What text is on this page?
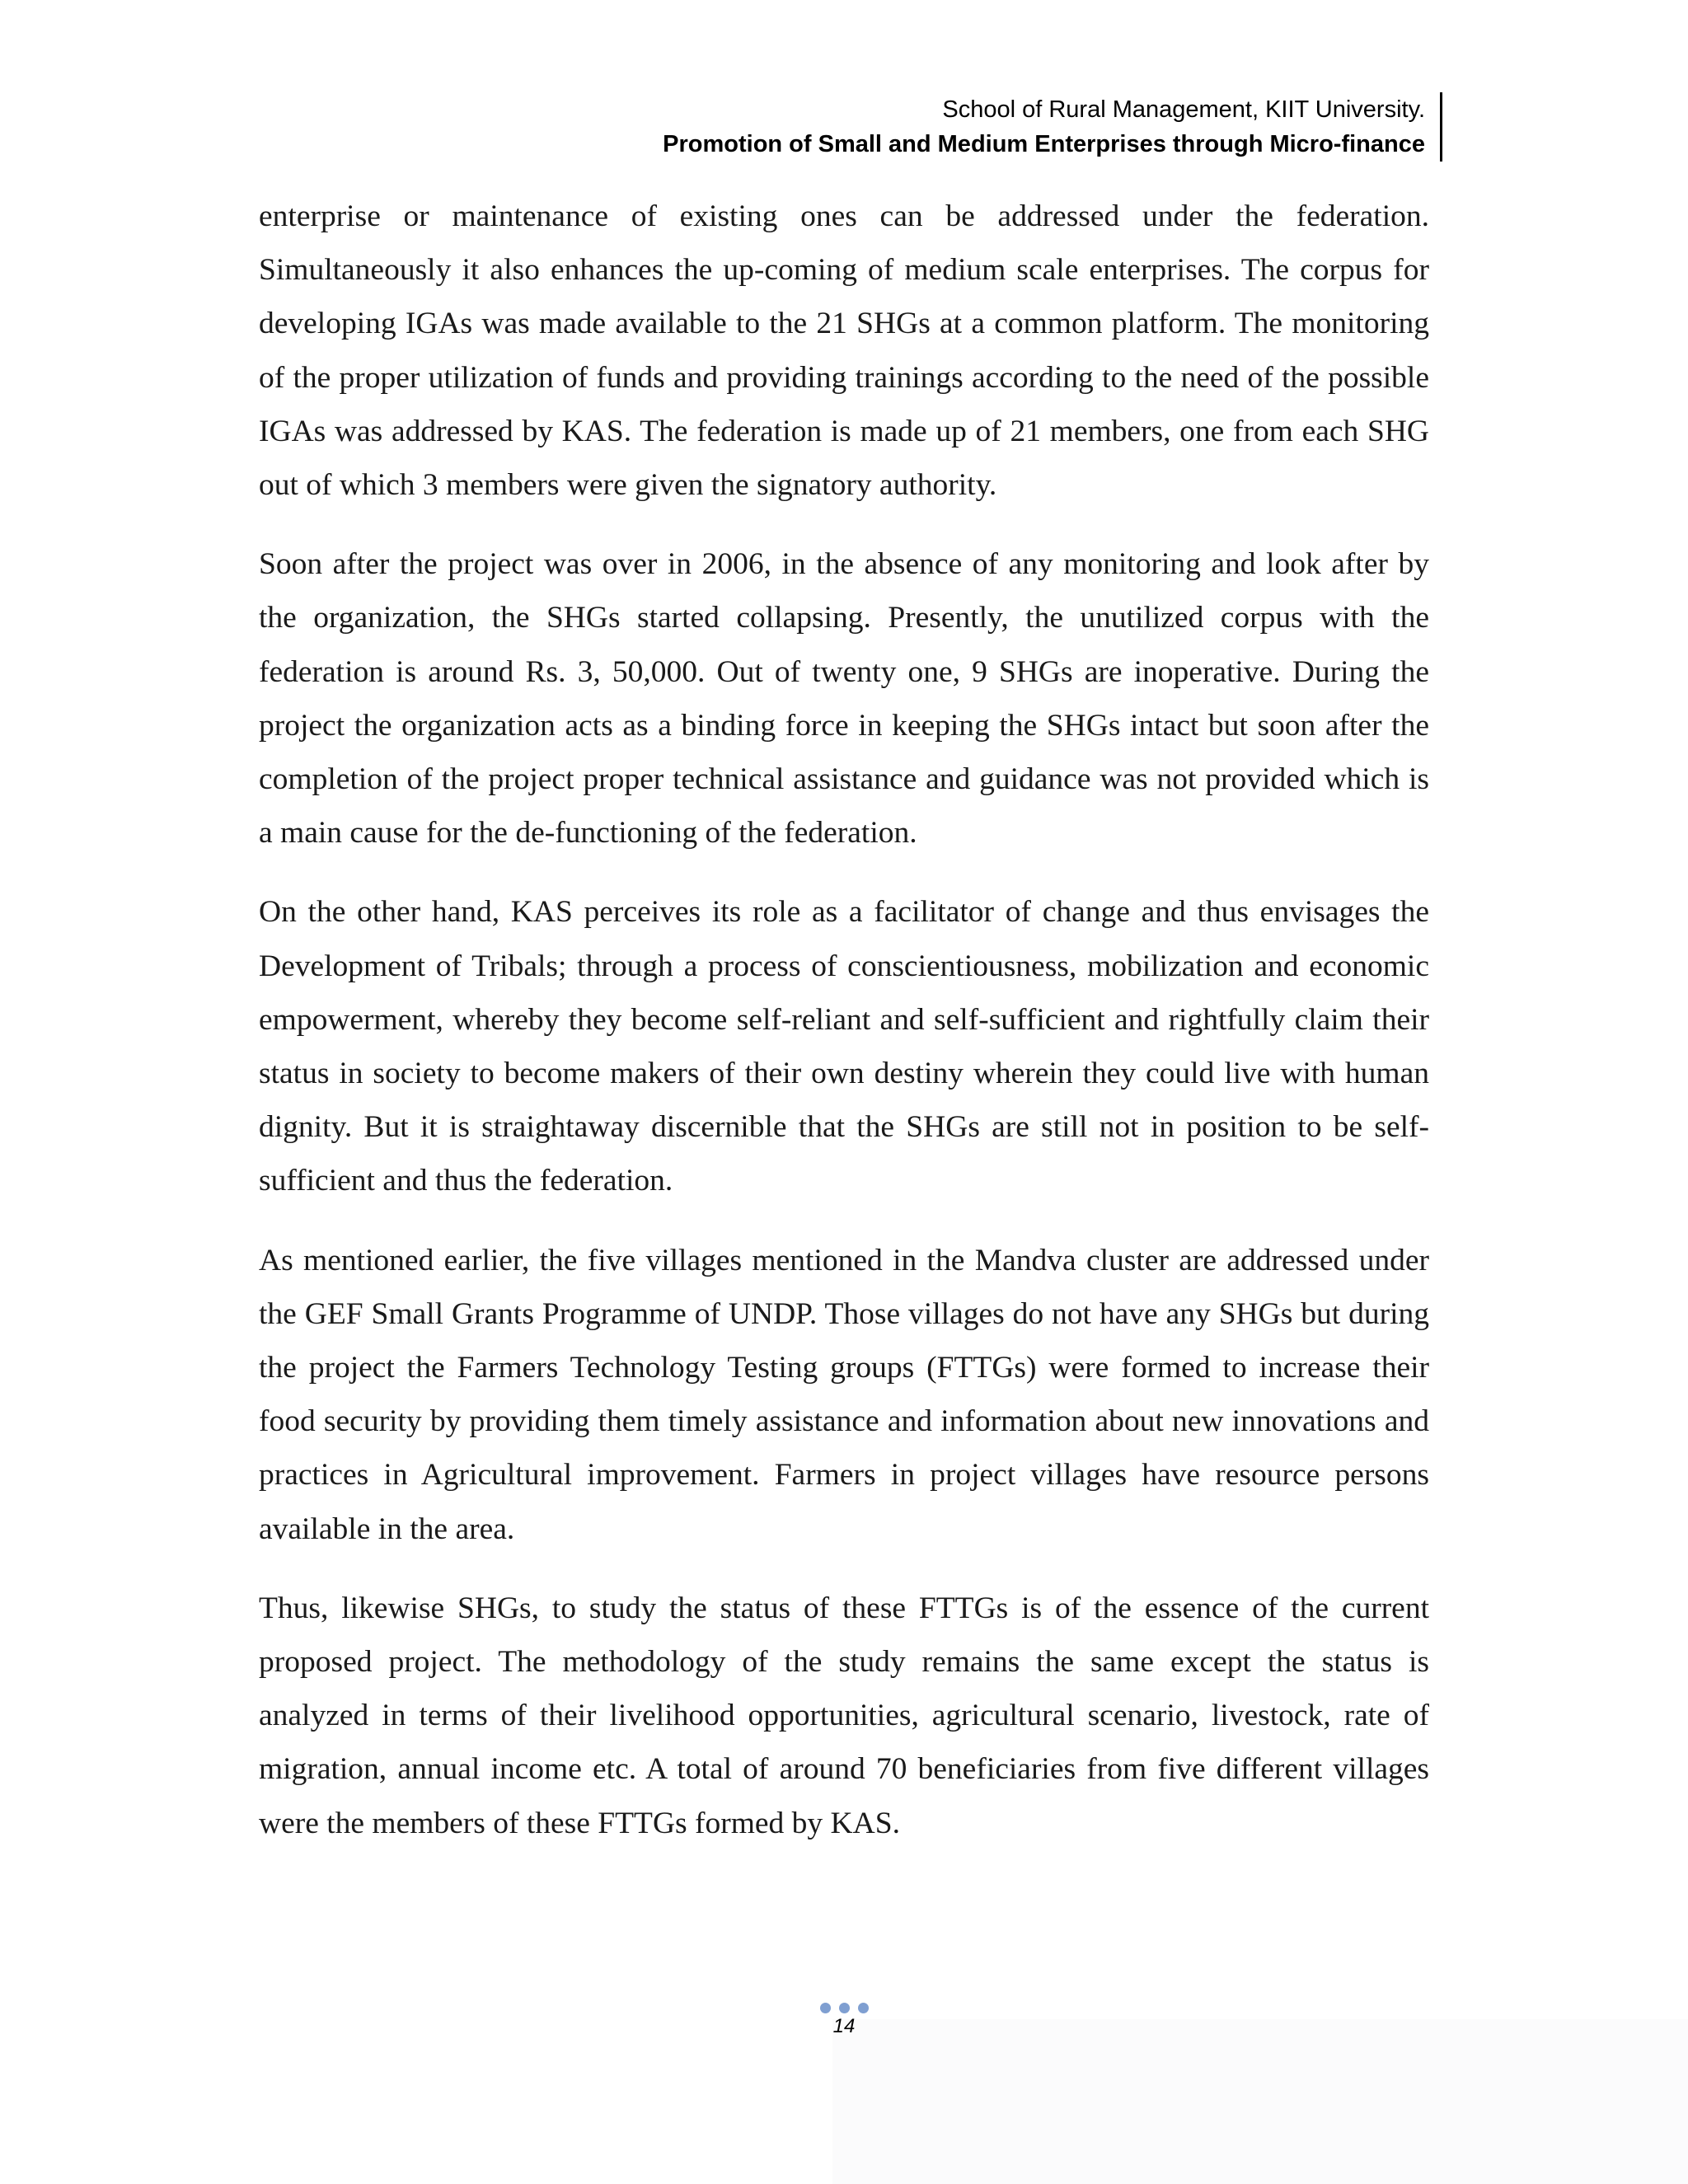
School of Rural Management, KIIT University.
Promotion of Small and Medium Enterprises through Micro-finance

enterprise or maintenance of existing ones can be addressed under the federation. Simultaneously it also enhances the up-coming of medium scale enterprises. The corpus for developing IGAs was made available to the 21 SHGs at a common platform. The monitoring of the proper utilization of funds and providing trainings according to the need of the possible IGAs was addressed by KAS. The federation is made up of 21 members, one from each SHG out of which 3 members were given the signatory authority.

Soon after the project was over in 2006, in the absence of any monitoring and look after by the organization, the SHGs started collapsing. Presently, the unutilized corpus with the federation is around Rs. 3, 50,000. Out of twenty one, 9 SHGs are inoperative. During the project the organization acts as a binding force in keeping the SHGs intact but soon after the completion of the project proper technical assistance and guidance was not provided which is a main cause for the de-functioning of the federation.

On the other hand, KAS perceives its role as a facilitator of change and thus envisages the Development of Tribals; through a process of conscientiousness, mobilization and economic empowerment, whereby they become self-reliant and self-sufficient and rightfully claim their status in society to become makers of their own destiny wherein they could live with human dignity. But it is straightaway discernible that the SHGs are still not in position to be self-sufficient and thus the federation.

As mentioned earlier, the five villages mentioned in the Mandva cluster are addressed under the GEF Small Grants Programme of UNDP. Those villages do not have any SHGs but during the project the Farmers Technology Testing groups (FTTGs) were formed to increase their food security by providing them timely assistance and information about new innovations and practices in Agricultural improvement. Farmers in project villages have resource persons available in the area.

Thus, likewise SHGs, to study the status of these FTTGs is of the essence of the current proposed project. The methodology of the study remains the same except the status is analyzed in terms of their livelihood opportunities, agricultural scenario, livestock, rate of migration, annual income etc. A total of around 70 beneficiaries from five different villages were the members of these FTTGs formed by KAS.

14
